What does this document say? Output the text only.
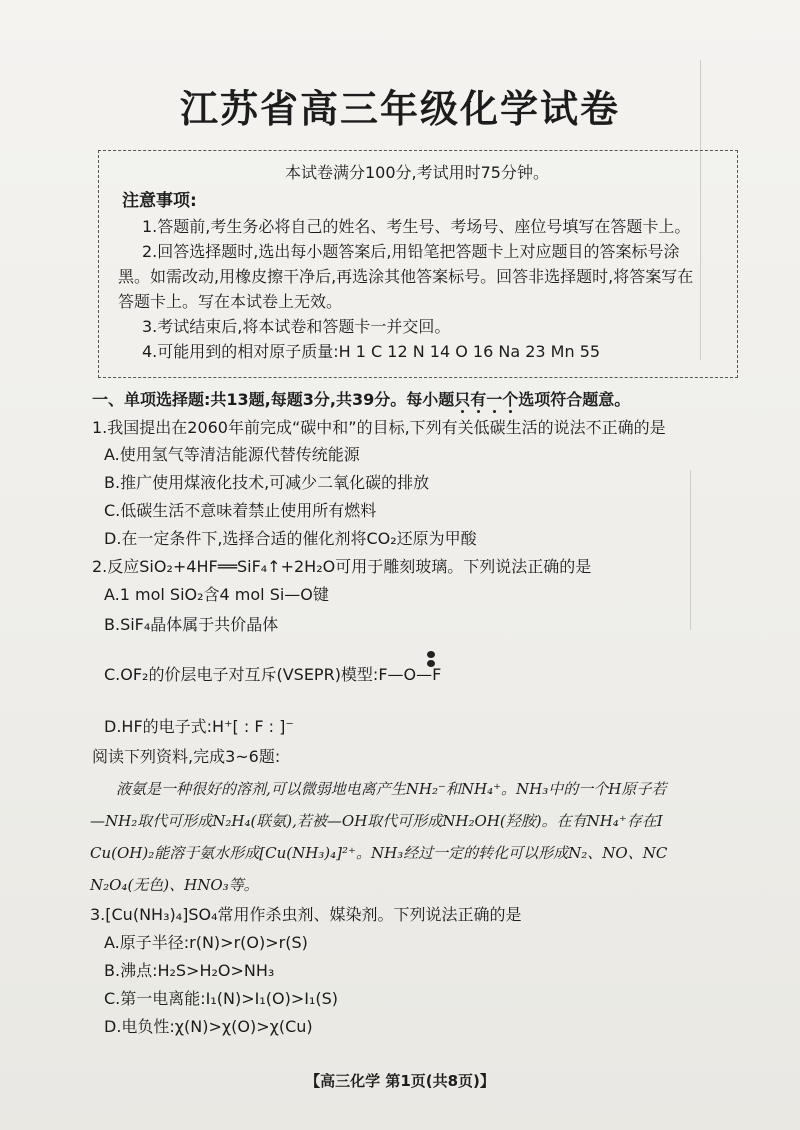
江苏省高三年级化学试卷
本试卷满分100分,考试用时75分钟。
注意事项:
1.答题前,考生务必将自己的姓名、考生号、考场号、座位号填写在答题卡上。
2.回答选择题时,选出每小题答案后,用铅笔把答题卡上对应题目的答案标号涂
黑。如需改动,用橡皮擦干净后,再选涂其他答案标号。回答非选择题时,将答案写在
答题卡上。写在本试卷上无效。
3.考试结束后,将本试卷和答题卡一并交回。
4.可能用到的相对原子质量:H 1 C 12 N 14 O 16 Na 23 Mn 55
一、单项选择题:共13题,每题3分,共39分。每小题只有一个选项符合题意。
1.我国提出在2060年前完成“碳中和”的目标,下列有关低碳生活的说法不正确的是
A.使用氢气等清洁能源代替传统能源
B.推广使用煤液化技术,可减少二氧化碳的排放
C.低碳生活不意味着禁止使用所有燃料
D.在一定条件下,选择合适的催化剂将CO₂还原为甲酸
2.反应SiO₂+4HF══SiF₄↑+2H₂O可用于雕刻玻璃。下列说法正确的是
A.1 mol SiO₂含4 mol Si—O键
B.SiF₄晶体属于共价晶体
C.OF₂的价层电子对互斥(VSEPR)模型:F—O—F
D.HF的电子式:H⁺[ : F : ]⁻
阅读下列资料,完成3~6题:
液氨是一种很好的溶剂,可以微弱地电离产生NH₂⁻和NH₄⁺。NH₃中的一个H原子若
—NH₂取代可形成N₂H₄(联氨),若被—OH取代可形成NH₂OH(羟胺)。在有NH₄⁺存在I
Cu(OH)₂能溶于氨水形成[Cu(NH₃)₄]²⁺。NH₃经过一定的转化可以形成N₂、NO、NC
N₂O₄(无色)、HNO₃等。
3.[Cu(NH₃)₄]SO₄常用作杀虫剂、媒染剂。下列说法正确的是
A.原子半径:r(N)>r(O)>r(S)
B.沸点:H₂S>H₂O>NH₃
C.第一电离能:I₁(N)>I₁(O)>I₁(S)
D.电负性:χ(N)>χ(O)>χ(Cu)
【高三化学 第1页(共8页)】
